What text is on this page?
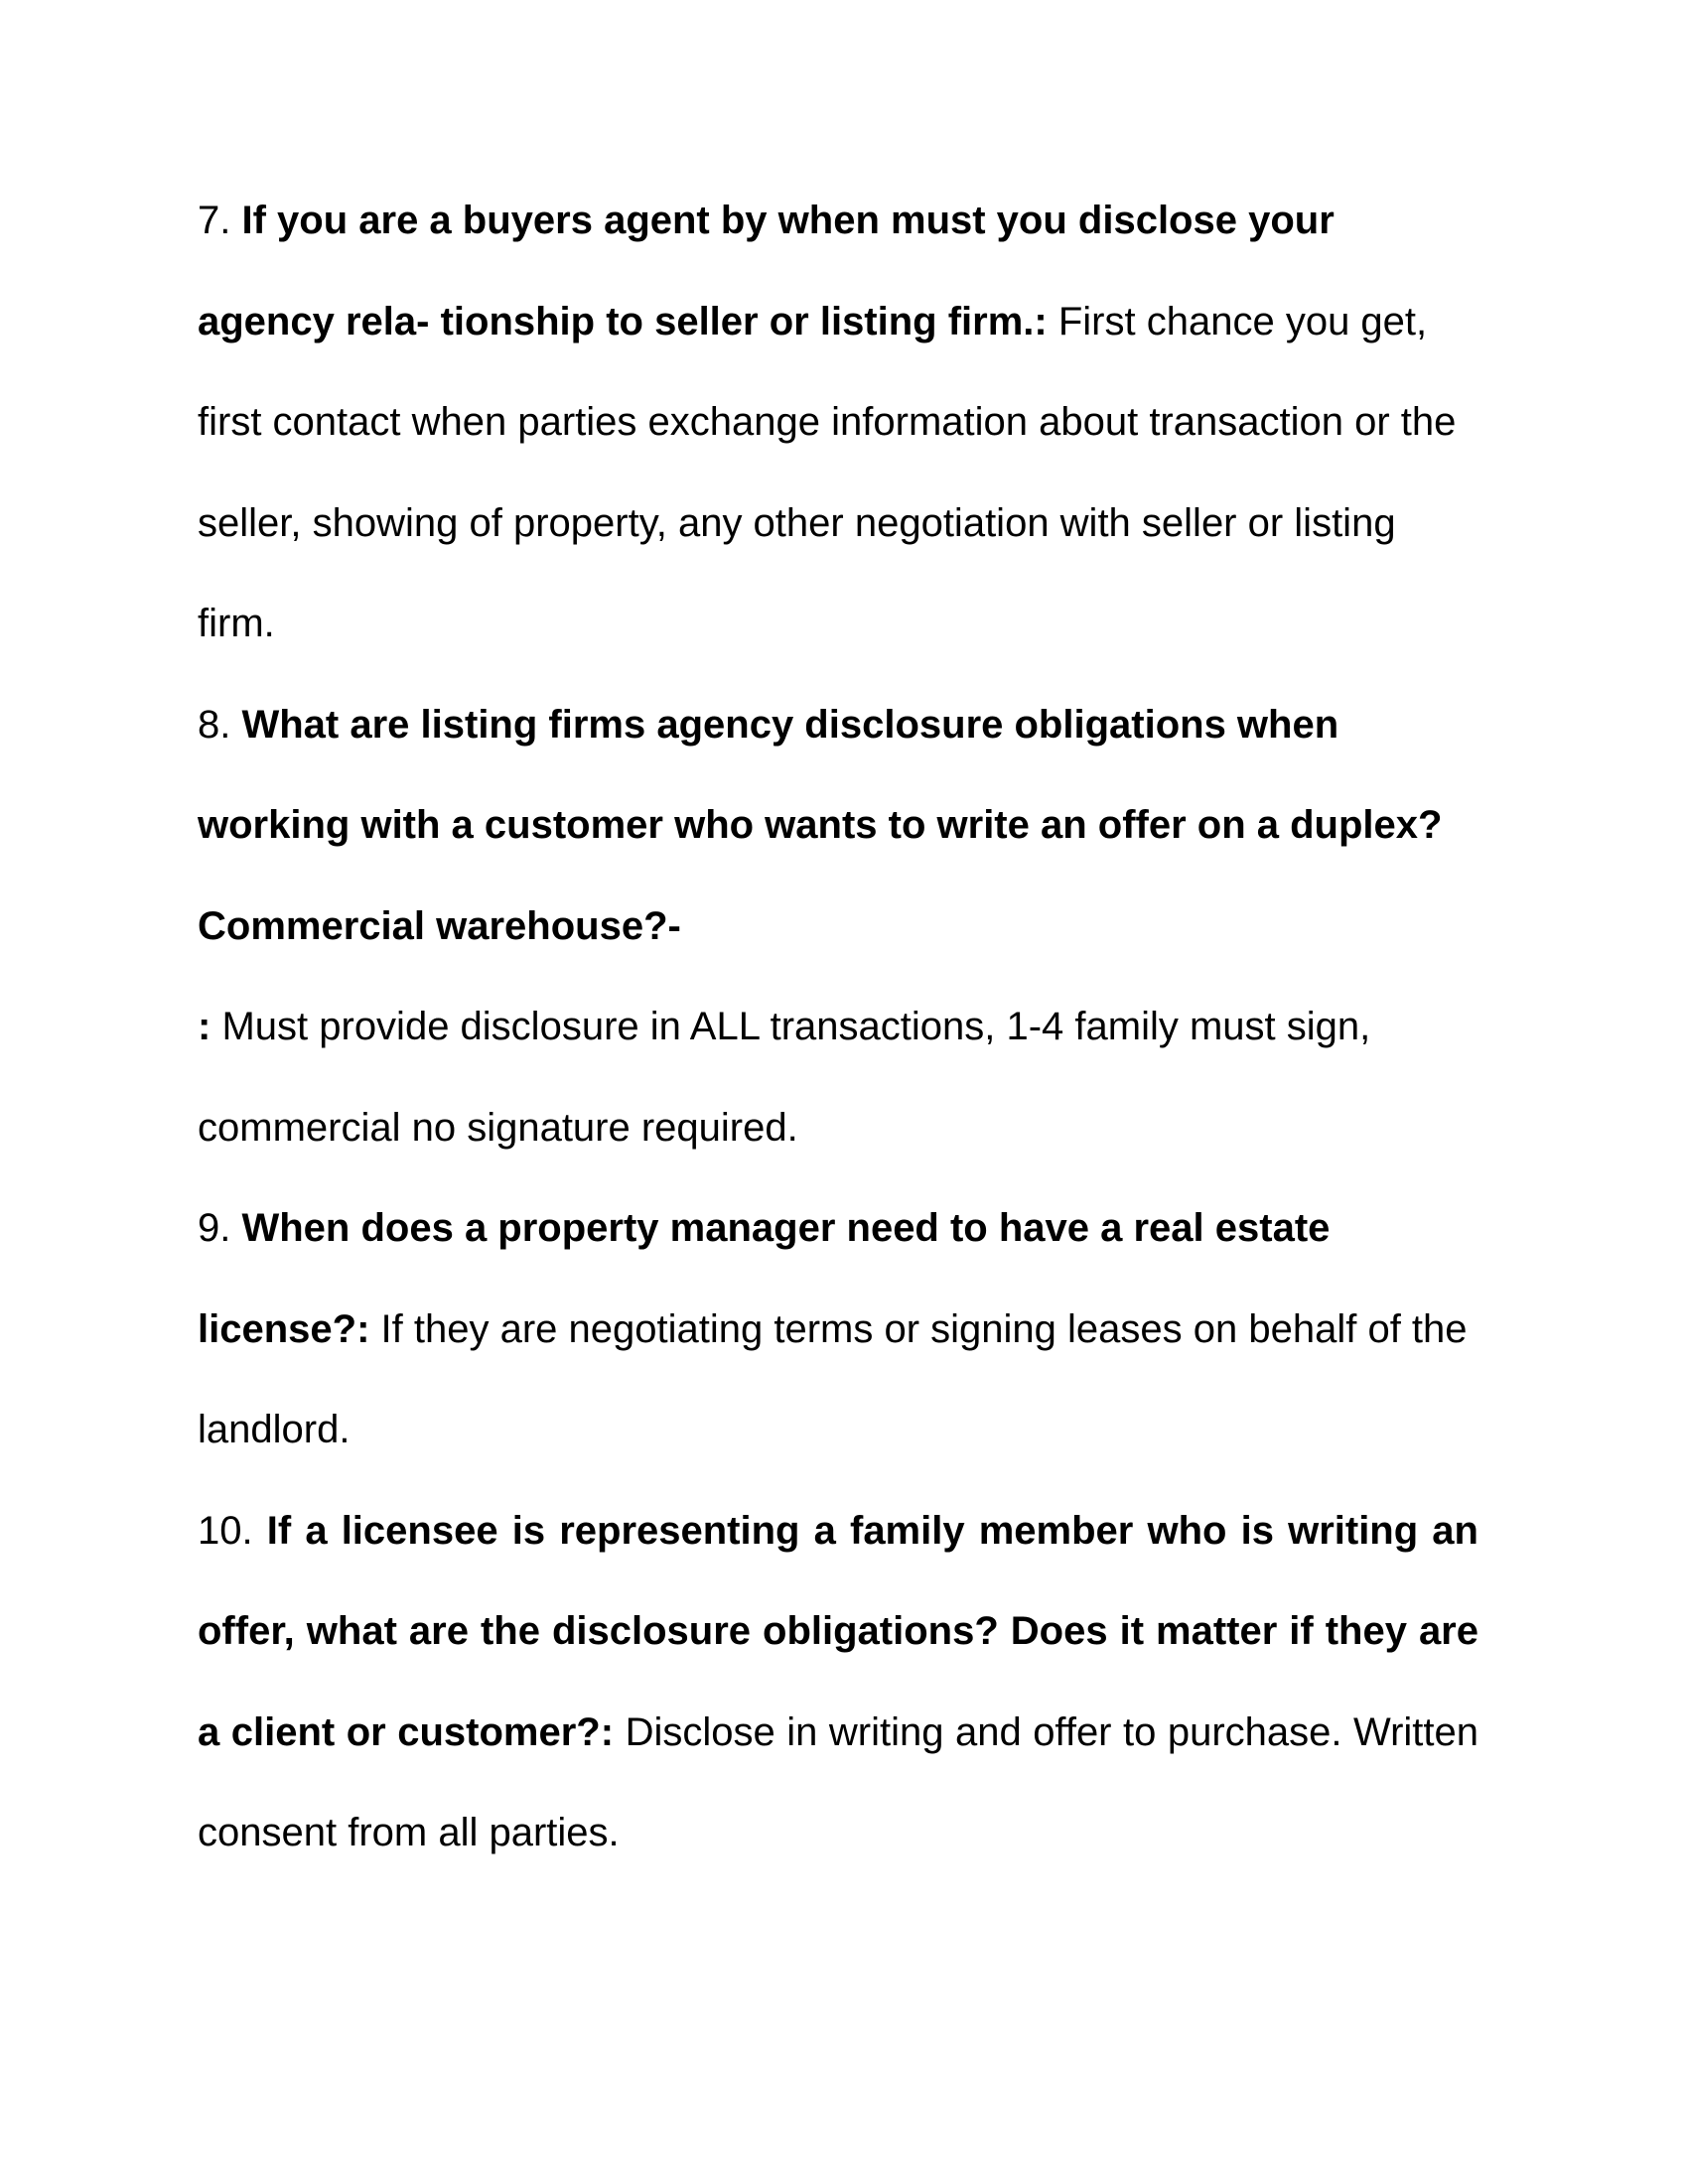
7. If you are a buyers agent by when must you disclose your agency rela- tionship to seller or listing firm.: First chance you get, first contact when parties exchange information about transaction or the seller, showing of property, any other negotiation with seller or listing firm.

8. What are listing firms agency disclosure obligations when working with a customer who wants to write an offer on a duplex? Commercial warehouse?-
: Must provide disclosure in ALL transactions, 1-4 family must sign, commercial no signature required.

9. When does a property manager need to have a real estate license?: If they are negotiating terms or signing leases on behalf of the landlord.

10. If a licensee is representing a family member who is writing an offer, what are the disclosure obligations? Does it matter if they are a client or customer?: Disclose in writing and offer to purchase. Written consent from all parties.
